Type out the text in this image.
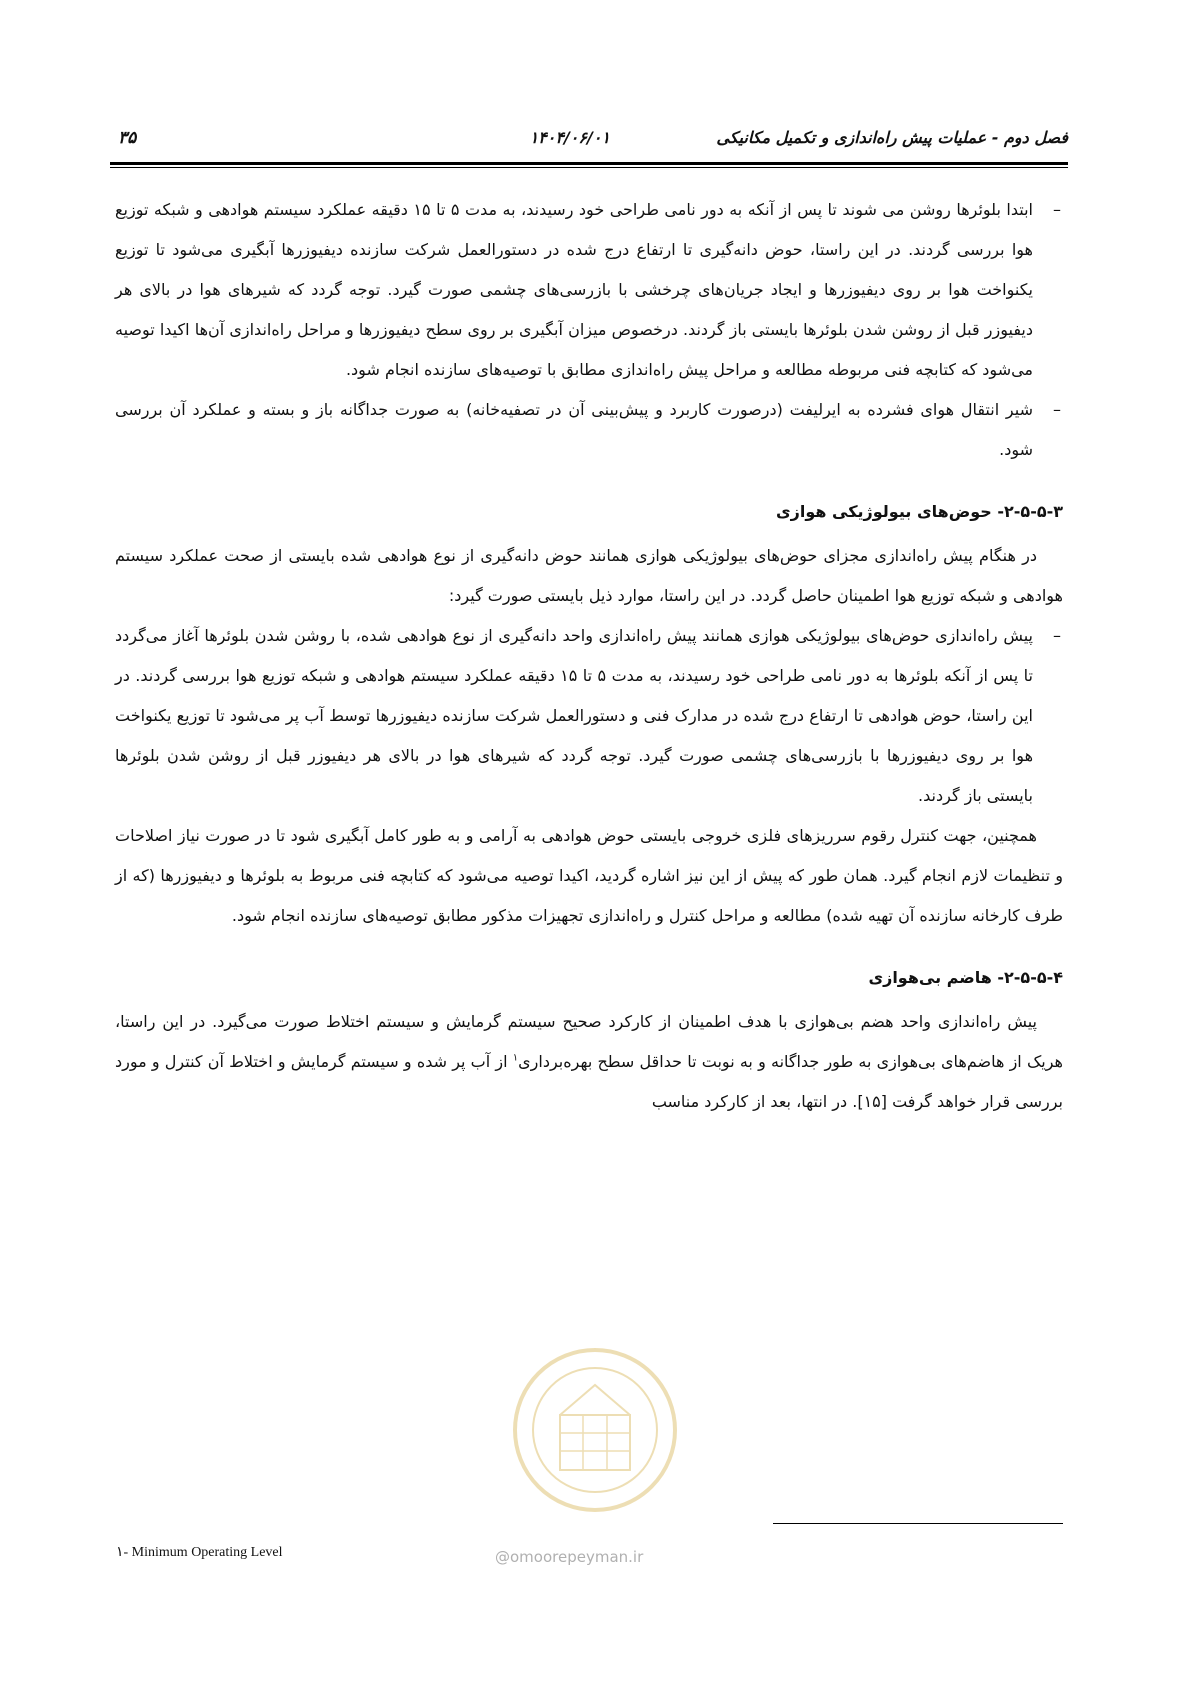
فصل دوم - عملیات پیش راه‌اندازی و تکمیل مکانیکی
۱۴۰۴/۰۶/۰۱
۳۵
–
ابتدا بلوئرها روشن می شوند تا پس از آنکه به دور نامی طراحی خود رسیدند، به مدت ۵ تا ۱۵ دقیقه عملکرد سیستم هوادهی و شبکه توزیع هوا بررسی گردند. در این راستا، حوض دانه‌گیری تا ارتفاع درج شده در دستورالعمل شرکت سازنده دیفیوزرها آبگیری می‌شود تا توزیع یکنواخت هوا بر روی دیفیوزرها و ایجاد جریان‌های چرخشی با بازرسی‌های چشمی صورت گیرد. توجه گردد که شیرهای هوا در بالای هر دیفیوزر قبل از روشن شدن بلوئرها بایستی باز گردند. درخصوص میزان آبگیری بر روی سطح دیفیوزرها و مراحل راه‌اندازی آن‌ها اکیدا توصیه می‌شود که کتابچه فنی مربوطه مطالعه و مراحل پیش راه‌اندازی مطابق با توصیه‌های سازنده انجام شود.
–
شیر انتقال هوای فشرده به ایرلیفت (درصورت کاربرد و پیش‌بینی آن در تصفیه‌خانه) به صورت جداگانه باز و بسته و عملکرد آن بررسی شود.
۲-۵-۵-۳- حوض‌های بیولوژیکی هوازی

در هنگام پیش راه‌اندازی مجزای حوض‌های بیولوژیکی هوازی همانند حوض دانه‌گیری از نوع هوادهی شده بایستی از صحت عملکرد سیستم هوادهی و شبکه توزیع هوا اطمینان حاصل گردد. در این راستا، موارد ذیل بایستی صورت گیرد:

–
پیش راه‌اندازی حوض‌های بیولوژیکی هوازی همانند پیش راه‌اندازی واحد دانه‌گیری از نوع هوادهی شده، با روشن شدن بلوئرها آغاز می‌گردد تا پس از آنکه بلوئرها به دور نامی طراحی خود رسیدند، به مدت ۵ تا ۱۵ دقیقه عملکرد سیستم هوادهی و شبکه توزیع هوا بررسی گردند. در این راستا، حوض هوادهی تا ارتفاع درج شده در مدارک فنی و دستورالعمل شرکت سازنده دیفیوزرها توسط آب پر می‌شود تا توزیع یکنواخت هوا بر روی دیفیوزرها با بازرسی‌های چشمی صورت گیرد. توجه گردد که شیرهای هوا در بالای هر دیفیوزر قبل از روشن شدن بلوئرها بایستی باز گردند.

همچنین، جهت کنترل رقوم سرریزهای فلزی خروجی بایستی حوض هوادهی به آرامی و به طور کامل آبگیری شود تا در صورت نیاز اصلاحات و تنظیمات لازم انجام گیرد. همان طور که پیش از این نیز اشاره گردید، اکیدا توصیه می‌شود که کتابچه فنی مربوط به بلوئرها و دیفیوزرها (که از طرف کارخانه سازنده آن تهیه شده) مطالعه و مراحل کنترل و راه‌اندازی تجهیزات مذکور مطابق توصیه‌های سازنده انجام شود.

۲-۵-۵-۴- هاضم بی‌هوازی

پیش راه‌اندازی واحد هضم بی‌هوازی با هدف اطمینان از کارکرد صحیح سیستم گرمایش و سیستم اختلاط صورت می‌گیرد. در این راستا، هریک از هاضم‌های بی‌هوازی به طور جداگانه و به نوبت تا حداقل سطح بهره‌برداری$^۱$ از آب پر شده و سیستم گرمایش و اختلاط آن کنترل و مورد بررسی قرار خواهد گرفت [۱۵]. در انتها، بعد از کارکرد مناسب

@omoorepeyman.ir
۱- Minimum Operating Level
